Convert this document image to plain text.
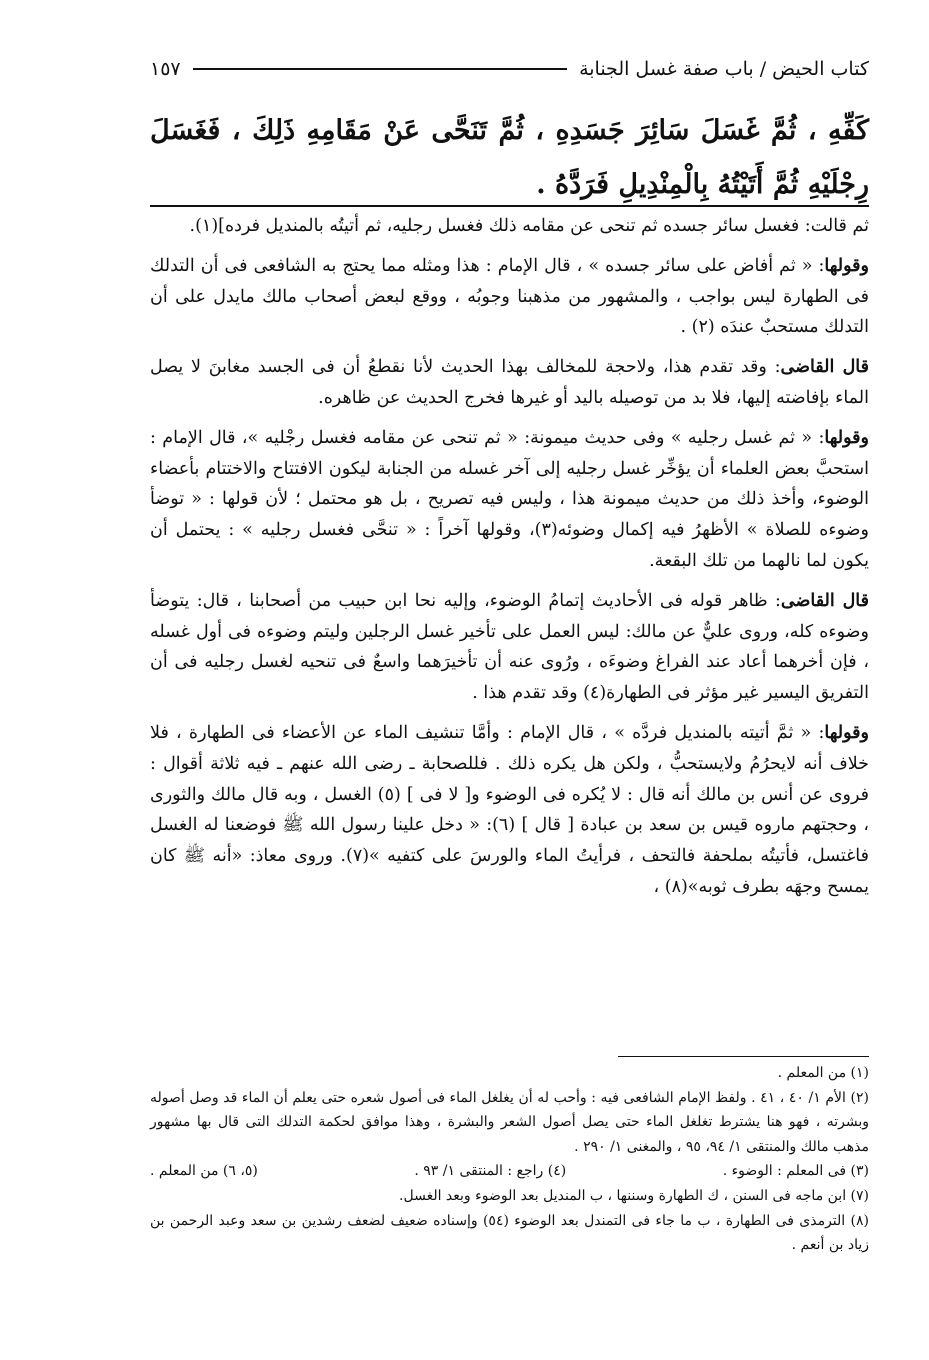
كتاب الحيض / باب صفة غسل الجنابة
١٥٧
كَفِّهِ ، ثُمَّ غَسَلَ سَائِرَ جَسَدِهِ ، ثُمَّ تَنَحَّى عَنْ مَقَامِهِ ذَلِكَ ، فَغَسَلَ رِجْلَيْهِ ثُمَّ أَتَيْتُهُ بِالْمِنْدِيلِ فَرَدَّهُ .

ثم قالت: فغسل سائر جسده ثم تنحى عن مقامه ذلك فغسل رجليه، ثم أتيتُه بالمنديل فرده](١).

وقولها: « ثم أفاض على سائر جسده » ، قال الإمام : هذا ومثله مما يحتج به الشافعى فى أن التدلك فى الطهارة ليس بواجب ، والمشهور من مذهبنا وجوبُه ، ووقع لبعض أصحاب مالك مايدل على أن التدلك مستحبٌ عندَه (٢) .

قال القاضى: وقد تقدم هذا، ولاحجة للمخالف بهذا الحديث لأنا نقطعُ أن فى الجسد مغابنَ لا يصل الماء بإفاضته إليها، فلا بد من توصيله باليد أو غيرها فخرج الحديث عن ظاهره.

وقولها: « ثم غسل رجليه » وفى حديث ميمونة: « ثم تنحى عن مقامه فغسل رجْليه »، قال الإمام : استحبَّ بعض العلماء أن يؤخِّر غسل رجليه إلى آخر غسله من الجنابة ليكون الافتتاح والاختتام بأعضاء الوضوء، وأخذ ذلك من حديث ميمونة هذا ، وليس فيه تصريح ، بل هو محتمل ؛ لأن قولها : « توضأ وضوءه للصلاة » الأظهرُ فيه إكمال وضوئه(٣)، وقولها آخراً : « تنحَّى فغسل رجليه » : يحتمل أن يكون لما نالهما من تلك البقعة.

قال القاضى: ظاهر قوله فى الأحاديث إتمامُ الوضوء، وإليه نحا ابن حبيب من أصحابنا ، قال: يتوضأ وضوءه كله، وروى عليٌّ عن مالك: ليس العمل على تأخير غسل الرجلين وليتم وضوءه فى أول غسله ، فإن أخرهما أعاد عند الفراغ وضوءَه ، ورُوى عنه أن تأخيرَهما واسعٌ فى تنحيه لغسل رجليه فى أن التفريق اليسير غير مؤثر فى الطهارة(٤) وقد تقدم هذا .

وقولها: « ثمَّ أتيته بالمنديل فردَّه » ، قال الإمام : وأمَّا تنشيف الماء عن الأعضاء فى الطهارة ، فلا خلاف أنه لايحرُمُ ولايستحبُّ ، ولكن هل يكره ذلك . فللصحابة ـ رضى الله عنهم ـ فيه ثلاثة أقوال : فروى عن أنس بن مالك أنه قال : لا يُكره فى الوضوء و[ لا فى ] (٥) الغسل ، وبه قال مالك والثورى ، وحجتهم ماروه قيس بن سعد بن عبادة [ قال ] (٦): « دخل علينا رسول الله ﷺ فوضعنا له الغسل فاغتسل، فأتيتُه بملحفة فالتحف ، فرأيتُ الماء والورسَ على كتفيه »(٧). وروى معاذ: «أنه ﷺ كان يمسح وجهَه بطرف ثوبه»(٨) ،

(١) من المعلم .

(٢) الأم ١/ ٤٠ ، ٤١ . ولفظ الإمام الشافعى فيه : وأحب له أن يغلغل الماء فى أصول شعره حتى يعلم أن الماء قد وصل أصوله وبشرته ، فهو هنا يشترط تغلغل الماء حتى يصل أصول الشعر والبشرة ، وهذا موافق لحكمة التدلك التى قال بها مشهور مذهب مالك والمنتقى ١/ ٩٤، ٩٥ ، والمغنى ١/ ٢٩٠ .

(٣) فى المعلم : الوضوء .
(٤) راجع : المنتقى ١/ ٩٣ .
(٥، ٦) من المعلم .

(٧) ابن ماجه فى السنن ، ك الطهارة وسننها ، ب المنديل بعد الوضوء وبعد الغسل.

(٨) الترمذى فى الطهارة ، ب ما جاء فى التمندل بعد الوضوء (٥٤) وإسناده ضعيف لضعف رشدين بن سعد وعبد الرحمن بن زياد بن أنعم .
